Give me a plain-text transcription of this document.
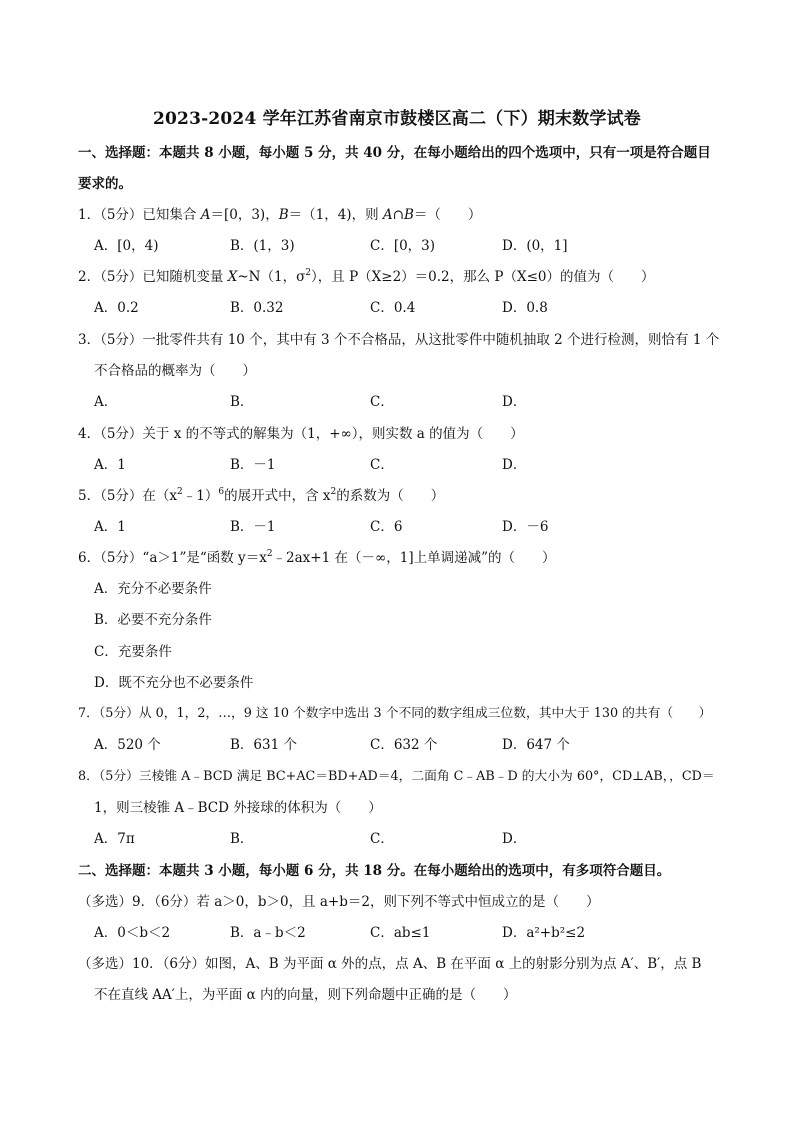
2023-2024 学年江苏省南京市鼓楼区高二（下）期末数学试卷
一、选择题：本题共 8 小题，每小题 5 分，共 40 分，在每小题给出的四个选项中，只有一项是符合题目
要求的。
1．（5分）已知集合 A＝[0，3)，B＝（1，4)，则 A∩B＝（　　）
A．[0，4)	B．(1，3)	C．[0，3)	D．(0，1]
2．（5分）已知随机变量 X~N（1，$\sigma^2$），且 P（X≥2）＝0.2，那么 P（X≤0）的值为（　　）
A．0.2	B．0.32	C．0.4	D．0.8
3．（5分）一批零件共有 10 个，其中有 3 个不合格品，从这批零件中随机抽取 2 个进行检测，则恰有 1 个
不合格品的概率为（　　）
A．	B．	C．	D．
4．（5分）关于 x 的不等式的解集为（1，+∞），则实数 a 的值为（　　）
A．1	B．－1	C．	D．
5．（5分）在$(x^2﹣1)^6$的展开式中，含 $x^2$的系数为（　　）
A．1	B．－1	C．6	D．－6
6．（5分）“a＞1”是“函数 $y=x^2﹣2ax+1$ 在（－∞，1]上单调递减”的（　　）
A．充分不必要条件
B．必要不充分条件
C．充要条件
D．既不充分也不必要条件
7．（5分）从 0，1，2，…，9 这 10 个数字中选出 3 个不同的数字组成三位数，其中大于 130 的共有（　　）
A．520 个	B．631 个	C．632 个	D．647 个
8．（5分）三棱锥 A﹣BCD 满足 BC+AC＝BD+AD＝4，二面角 C﹣AB﹣D 的大小为 60°，CD⊥AB，，CD＝
1，则三棱锥 A﹣BCD 外接球的体积为（　　）
A．7π	B．	C．	D．
二、选择题：本题共 3 小题，每小题 6 分，共 18 分。在每小题给出的选项中，有多项符合题目。
（多选）9．（6分）若 a＞0，b＞0，且 a+b＝2，则下列不等式中恒成立的是（　　）
A．0＜b＜2	B．a﹣b＜2	C．ab≤1	D．a²+b²≤2
（多选）10．（6分）如图，A、B 为平面 α 外的点，点 A、B 在平面 α 上的射影分别为点 A′、B′，点 B
不在直线 AA′上，为平面 α 内的向量，则下列命题中正确的是（　　）
